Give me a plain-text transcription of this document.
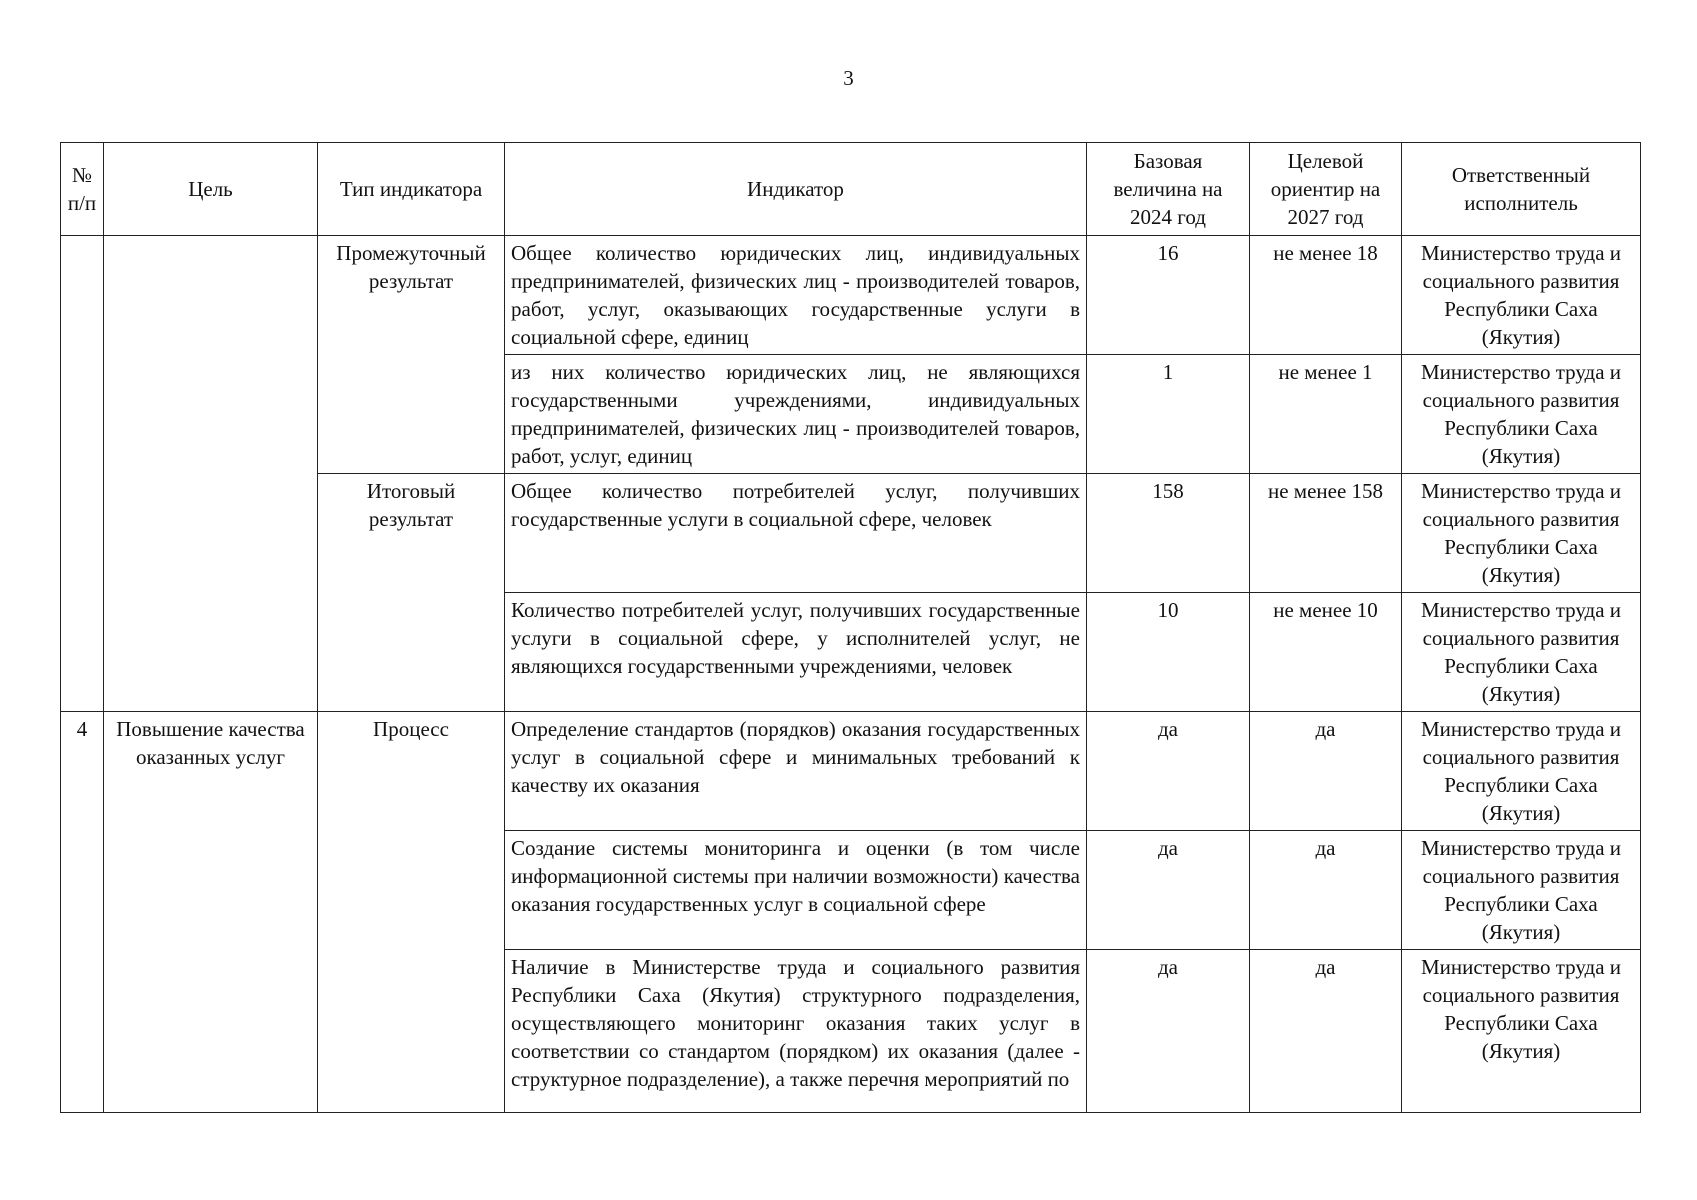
3
№ п/п	Цель	Тип индикатора	Индикатор	Базовая величина на 2024 год	Целевой ориентир на 2027 год	Ответственный исполнитель
		Промежуточный результат	Общее количество юридических лиц, индивидуальных предпринимателей, физических лиц - производителей товаров, работ, услуг, оказывающих государственные услуги в социальной сфере, единиц	16	не менее 18	Министерство труда и социального развития Республики Саха (Якутия)
			из них количество юридических лиц, не являющихся государственными учреждениями, индивидуальных предпринимателей, физических лиц - производителей товаров, работ, услуг, единиц	1	не менее 1	Министерство труда и социального развития Республики Саха (Якутия)
		Итоговый результат	Общее количество потребителей услуг, получивших государственные услуги в социальной сфере, человек	158	не менее 158	Министерство труда и социального развития Республики Саха (Якутия)
			Количество потребителей услуг, получивших государственные услуги в социальной сфере, у исполнителей услуг, не являющихся государственными учреждениями, человек	10	не менее 10	Министерство труда и социального развития Республики Саха (Якутия)
4	Повышение качества оказанных услуг	Процесс	Определение стандартов (порядков) оказания государственных услуг в социальной сфере и минимальных требований к качеству их оказания	да	да	Министерство труда и социального развития Республики Саха (Якутия)
			Создание системы мониторинга и оценки (в том числе информационной системы при наличии возможности) качества оказания государственных услуг в социальной сфере	да	да	Министерство труда и социального развития Республики Саха (Якутия)
			Наличие в Министерстве труда и социального развития Республики Саха (Якутия) структурного подразделения, осуществляющего мониторинг оказания таких услуг в соответствии со стандартом (порядком) их оказания (далее - структурное подразделение), а также перечня мероприятий по	да	да	Министерство труда и социального развития Республики Саха (Якутия)
